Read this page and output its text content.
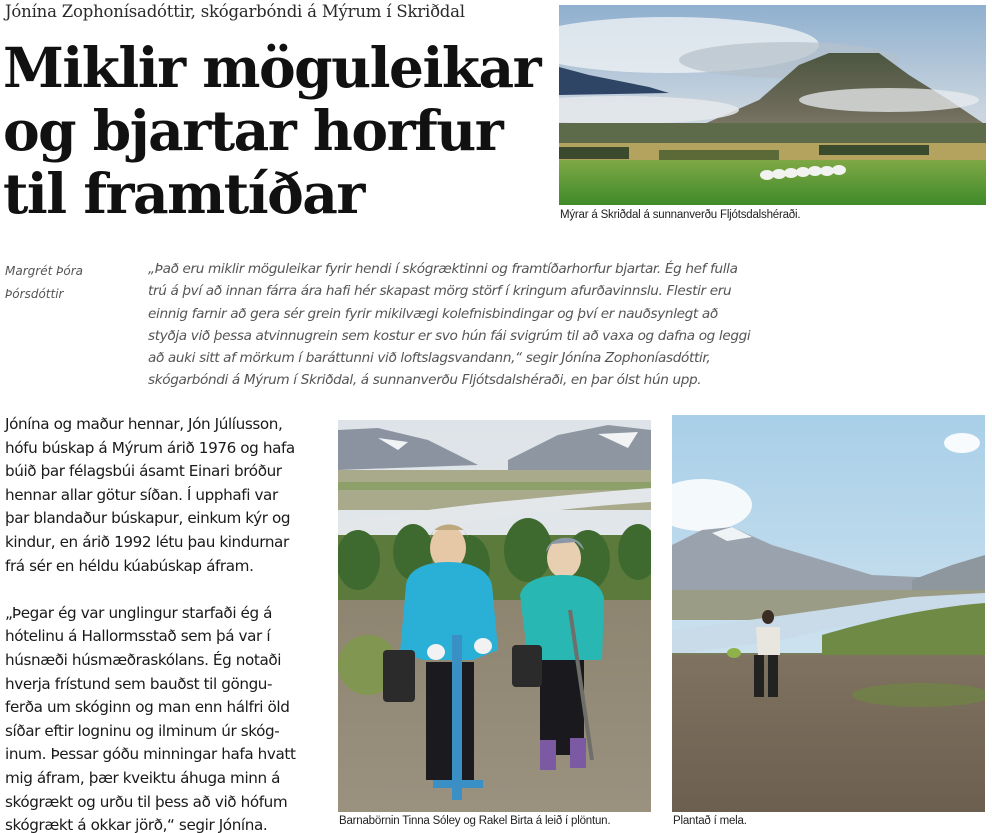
Jónína Zophonísadóttir, skógarbóndi á Mýrum í Skriðdal
Miklir möguleikar
og bjartar horfur
til framtíðar	Mýrar á Skriðdal á sunnanverðu Fljótsdalshéraði.
Margrét Þóra
Þórsdóttir
„Það eru miklir möguleikar fyrir hendi í skógræktinni og framtíðarhorfur bjartar. Ég hef fulla
trú á því að innan fárra ára hafi hér skapast mörg störf í kringum afurðavinnslu. Flestir eru
einnig farnir að gera sér grein fyrir mikilvægi kolefnisbindingar og því er nauðsynlegt að
styðja við þessa atvinnugrein sem kostur er svo hún fái svigrúm til að vaxa og dafna og leggi
að auki sitt af mörkum í baráttunni við loftslagsvandann,“ segir Jónína Zophoníasdóttir,
skógarbóndi á Mýrum í Skriðdal, á sunnanverðu Fljótsdalshéraði, en þar ólst hún upp.

Jónína og maður hennar, Jón Júlíusson,
hófu búskap á Mýrum árið 1976 og hafa
búið þar félagsbúi ásamt Einari bróður
hennar allar götur síðan. Í upphafi var
þar blandaður búskapur, einkum kýr og
kindur, en árið 1992 létu þau kindurnar
frá sér en héldu kúabúskap áfram.

„Þegar ég var unglingur starfaði ég á
hótelinu á Hallormsstað sem þá var í
húsnæði húsmæðraskólans. Ég notaði
hverja frístund sem bauðst til göngu-
ferða um skóginn og man enn hálfri öld
síðar eftir logninu og ilminum úr skóg-
inum. Þessar góðu minningar hafa hvatt
mig áfram, þær kveiktu áhuga minn á
skógrækt og urðu til þess að við hófum
skógrækt á okkar jörð,“ segir Jónína.	Barnabörnin Tinna Sóley og Rakel Birta á leið í plöntun.	Plantað í mela.
